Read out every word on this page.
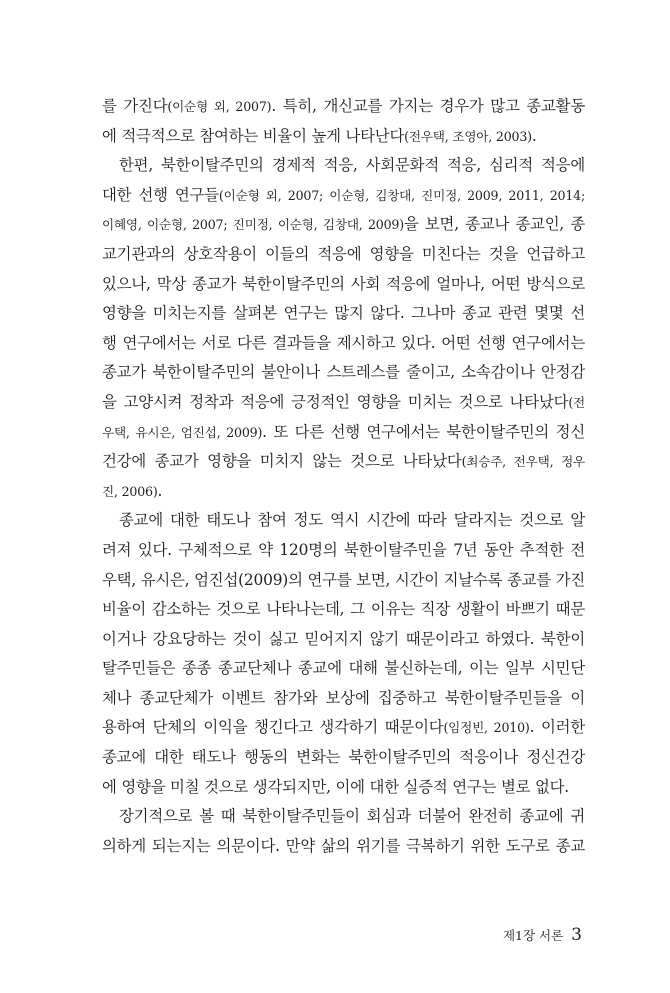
를 가진다(이순형 외, 2007). 특히, 개신교를 가지는 경우가 많고 종교활동
에 적극적으로 참여하는 비율이 높게 나타난다(전우택, 조영아, 2003).
한편, 북한이탈주민의 경제적 적응, 사회문화적 적응, 심리적 적응에
대한 선행 연구들(이순형 외, 2007; 이순형, 김창대, 진미정, 2009, 2011, 2014;
이혜영, 이순형, 2007; 진미정, 이순형, 김창대, 2009)을 보면, 종교나 종교인, 종
교기관과의 상호작용이 이들의 적응에 영향을 미친다는 것을 언급하고
있으나, 막상 종교가 북한이탈주민의 사회 적응에 얼마나, 어떤 방식으로
영향을 미치는지를 살펴본 연구는 많지 않다. 그나마 종교 관련 몇몇 선
행 연구에서는 서로 다른 결과들을 제시하고 있다. 어떤 선행 연구에서는
종교가 북한이탈주민의 불안이나 스트레스를 줄이고, 소속감이나 안정감
을 고양시켜 정착과 적응에 긍정적인 영향을 미치는 것으로 나타났다(전
우택, 유시은, 엄진섭, 2009). 또 다른 선행 연구에서는 북한이탈주민의 정신
건강에 종교가 영향을 미치지 않는 것으로 나타났다(최승주, 전우택, 정우
진, 2006).
종교에 대한 태도나 참여 정도 역시 시간에 따라 달라지는 것으로 알
려져 있다. 구체적으로 약 120명의 북한이탈주민을 7년 동안 추적한 전
우택, 유시은, 엄진섭(2009)의 연구를 보면, 시간이 지날수록 종교를 가진
비율이 감소하는 것으로 나타나는데, 그 이유는 직장 생활이 바쁘기 때문
이거나 강요당하는 것이 싫고 믿어지지 않기 때문이라고 하였다. 북한이
탈주민들은 종종 종교단체나 종교에 대해 불신하는데, 이는 일부 시민단
체나 종교단체가 이벤트 참가와 보상에 집중하고 북한이탈주민들을 이
용하여 단체의 이익을 챙긴다고 생각하기 때문이다(임정빈, 2010). 이러한
종교에 대한 태도나 행동의 변화는 북한이탈주민의 적응이나 정신건강
에 영향을 미칠 것으로 생각되지만, 이에 대한 실증적 연구는 별로 없다.
장기적으로 볼 때 북한이탈주민들이 회심과 더불어 완전히 종교에 귀
의하게 되는지는 의문이다. 만약 삶의 위기를 극복하기 위한 도구로 종교
제1장 서론 3
